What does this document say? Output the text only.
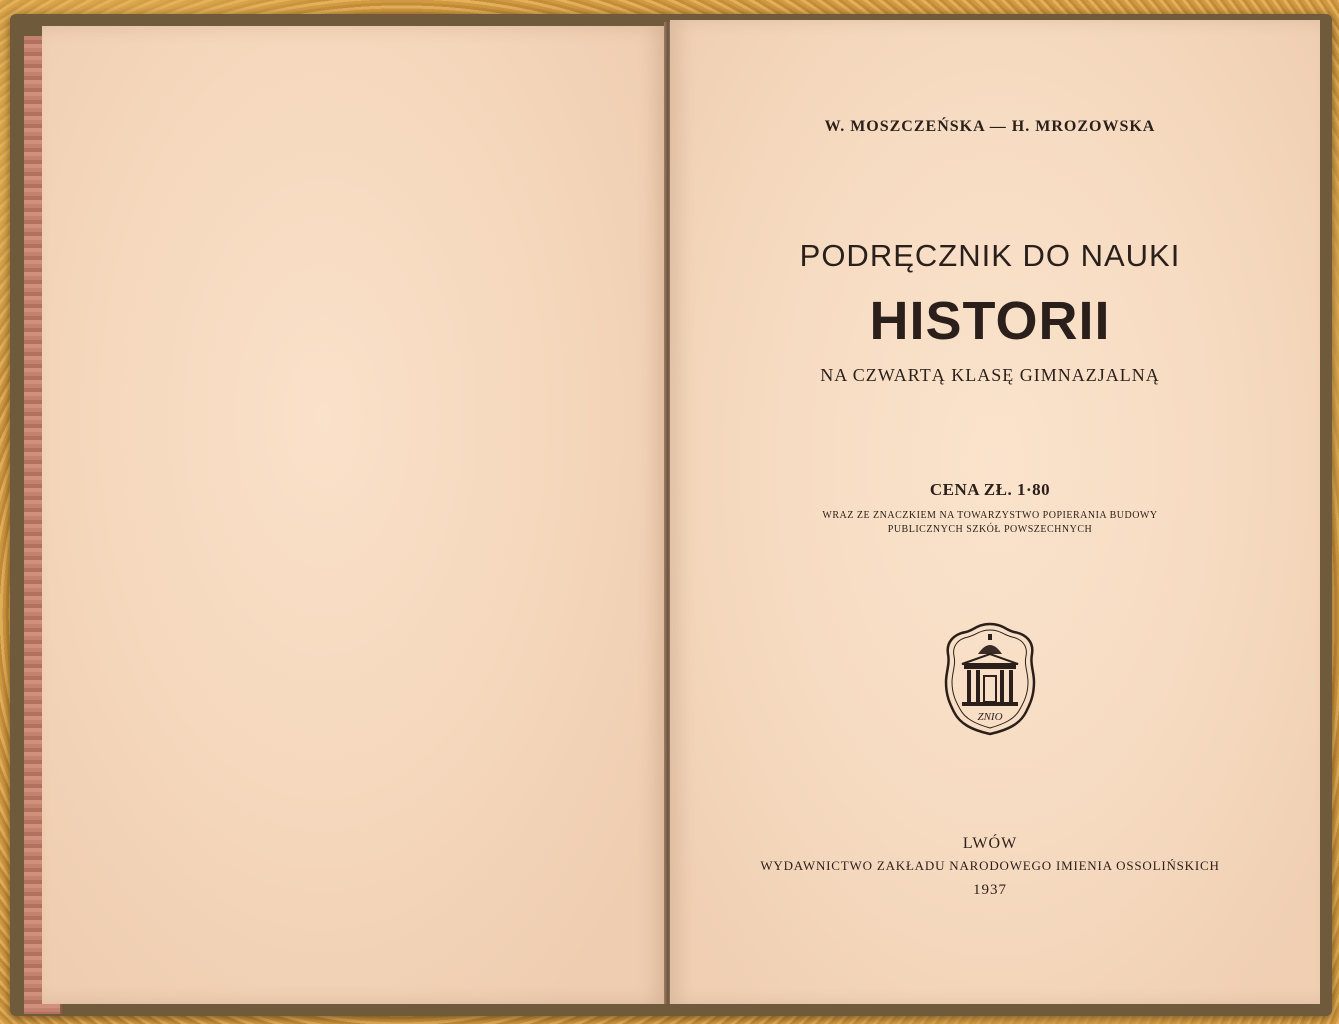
W. MOSZCZEŃSKA — H. MROZOWSKA
PODRĘCZNIK DO NAUKI
HISTORII
NA CZWARTĄ KLASĘ GIMNAZJALNĄ
CENA ZŁ. 1·80
WRAZ ZE ZNACZKIEM NA TOWARZYSTWO POPIERANIA BUDOWY
PUBLICZNYCH SZKÓŁ POWSZECHNYCH
ZNIO
LWÓW
WYDAWNICTWO ZAKŁADU NARODOWEGO IMIENIA OSSOLIŃSKICH
1937
